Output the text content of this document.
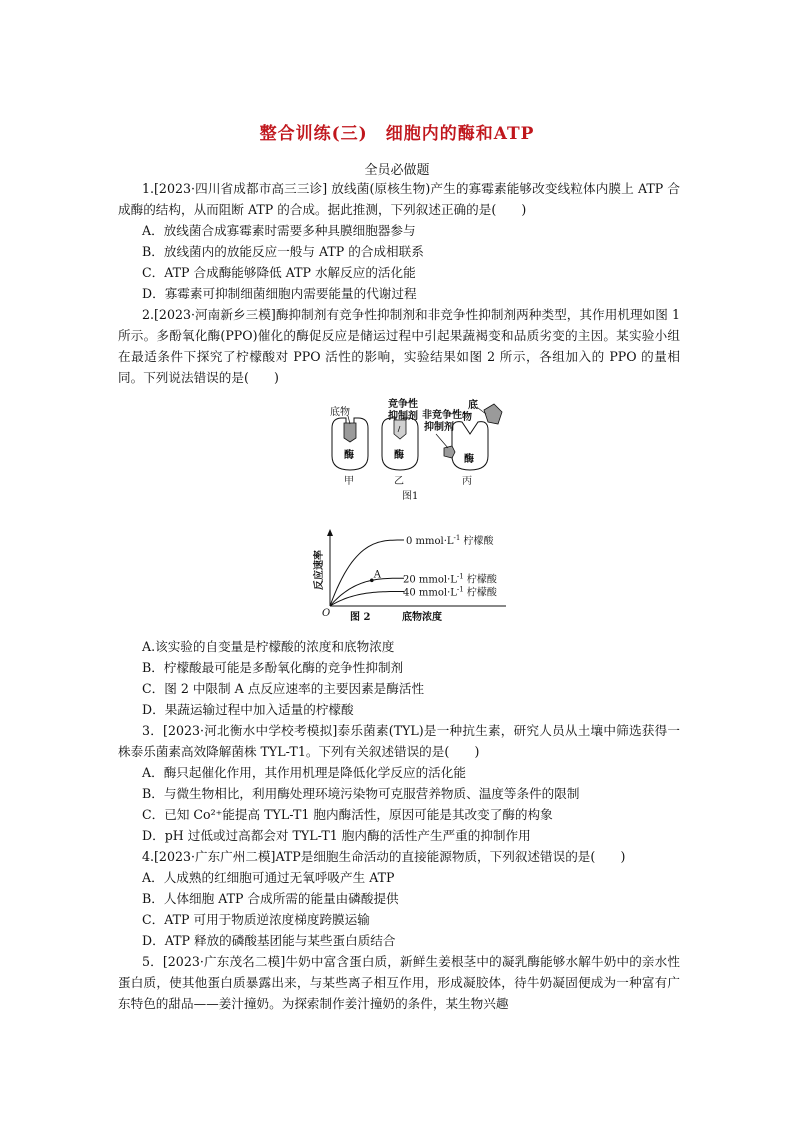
整合训练(三)　细胞内的酶和ATP
全员必做题

1.[2023·四川省成都市高三三诊] 放线菌(原核生物)产生的寡霉素能够改变线粒体内膜上 ATP 合成酶的结构，从而阻断 ATP 的合成。据此推测，下列叙述正确的是(　　)

A．放线菌合成寡霉素时需要多种具膜细胞器参与

B．放线菌内的放能反应一般与 ATP 的合成相联系

C．ATP 合成酶能够降低 ATP 水解反应的活化能

D．寡霉素可抑制细菌细胞内需要能量的代谢过程

2.[2023·河南新乡三模]酶抑制剂有竞争性抑制剂和非竞争性抑制剂两种类型，其作用机理如图 1 所示。多酚氧化酶(PPO)催化的酶促反应是储运过程中引起果蔬褐变和品质劣变的主因。某实验小组在最适条件下探究了柠檬酸对 PPO 活性的影响，实验结果如图 2 所示，各组加入的 PPO 的量相同。下列说法错误的是(　　)

底物
竞争性
抑制剂 非竞争性
抑制剂
底
物
酶	酶	酶
甲	乙	丙
图1
0 $mmol\cdot L^{-1}$ 柠檬酸
20 $mmol\cdot L^{-1}$ 柠檬酸
A
40 $mmol\cdot L^{-1}$ 柠檬酸
反应速率
O 图 2	底物浓度

A.该实验的自变量是柠檬酸的浓度和底物浓度

B．柠檬酸最可能是多酚氧化酶的竞争性抑制剂

C．图 2 中限制 A 点反应速率的主要因素是酶活性

D．果蔬运输过程中加入适量的柠檬酸

3．[2023·河北衡水中学校考模拟]泰乐菌素(TYL)是一种抗生素，研究人员从土壤中筛选获得一株泰乐菌素高效降解菌株 TYL-T1。下列有关叙述错误的是(　　)

A．酶只起催化作用，其作用机理是降低化学反应的活化能

B．与微生物相比，利用酶处理环境污染物可克服营养物质、温度等条件的限制

C．已知 Co²⁺能提高 TYL-T1 胞内酶活性，原因可能是其改变了酶的构象

D．pH 过低或过高都会对 TYL-T1 胞内酶的活性产生严重的抑制作用

4.[2023·广东广州二模]ATP是细胞生命活动的直接能源物质，下列叙述错误的是(　　)

A．人成熟的红细胞可通过无氧呼吸产生 ATP

B．人体细胞 ATP 合成所需的能量由磷酸提供

C．ATP 可用于物质逆浓度梯度跨膜运输

D．ATP 释放的磷酸基团能与某些蛋白质结合

5．[2023·广东茂名二模]牛奶中富含蛋白质，新鲜生姜根茎中的凝乳酶能够水解牛奶中的亲水性蛋白质，使其他蛋白质暴露出来，与某些离子相互作用，形成凝胶体，待牛奶凝固便成为一种富有广东特色的甜品——姜汁撞奶。为探索制作姜汁撞奶的条件，某生物兴趣
